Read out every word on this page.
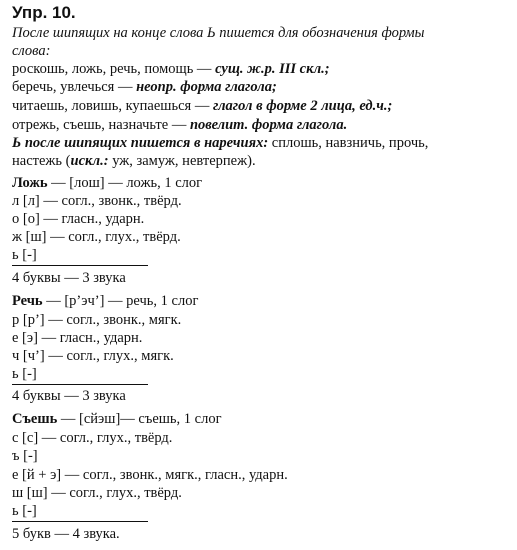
Упр. 10.
После шипящих на конце слова Ь пишется для обозначения формы
слова:
роскошь, ложь, речь, помощь — сущ. ж.р. III скл.;
беречь, увлечься — неопр. форма глагола;
читаешь, ловишь, купаешься — глагол в форме 2 лица, ед.ч.;
отрежь, съешь, назначьте — повелит. форма глагола.
Ь после шипящих пишется в наречиях: сплошь, навзничь, прочь,
настежь (искл.: уж, замуж, невтерпеж).
Ложь — [лош] — ложь, 1 слог
л [л] — согл., звонк., твёрд.
о [о] — гласн., ударн.
ж [ш] — согл., глух., твёрд.
ь [-]
4 буквы — 3 звука
Речь — [р’эч’] — речь, 1 слог
р [р’] — согл., звонк., мягк.
е [э] — гласн., ударн.
ч [ч’] — согл., глух., мягк.
ь [-]
4 буквы — 3 звука
Съешь — [сйэш]— съешь, 1 слог
с [с] — согл., глух., твёрд.
ъ [-]
е [й + э] — согл., звонк., мягк., гласн., ударн.
ш [ш] — согл., глух., твёрд.
ь [-]
5 букв — 4 звука.
